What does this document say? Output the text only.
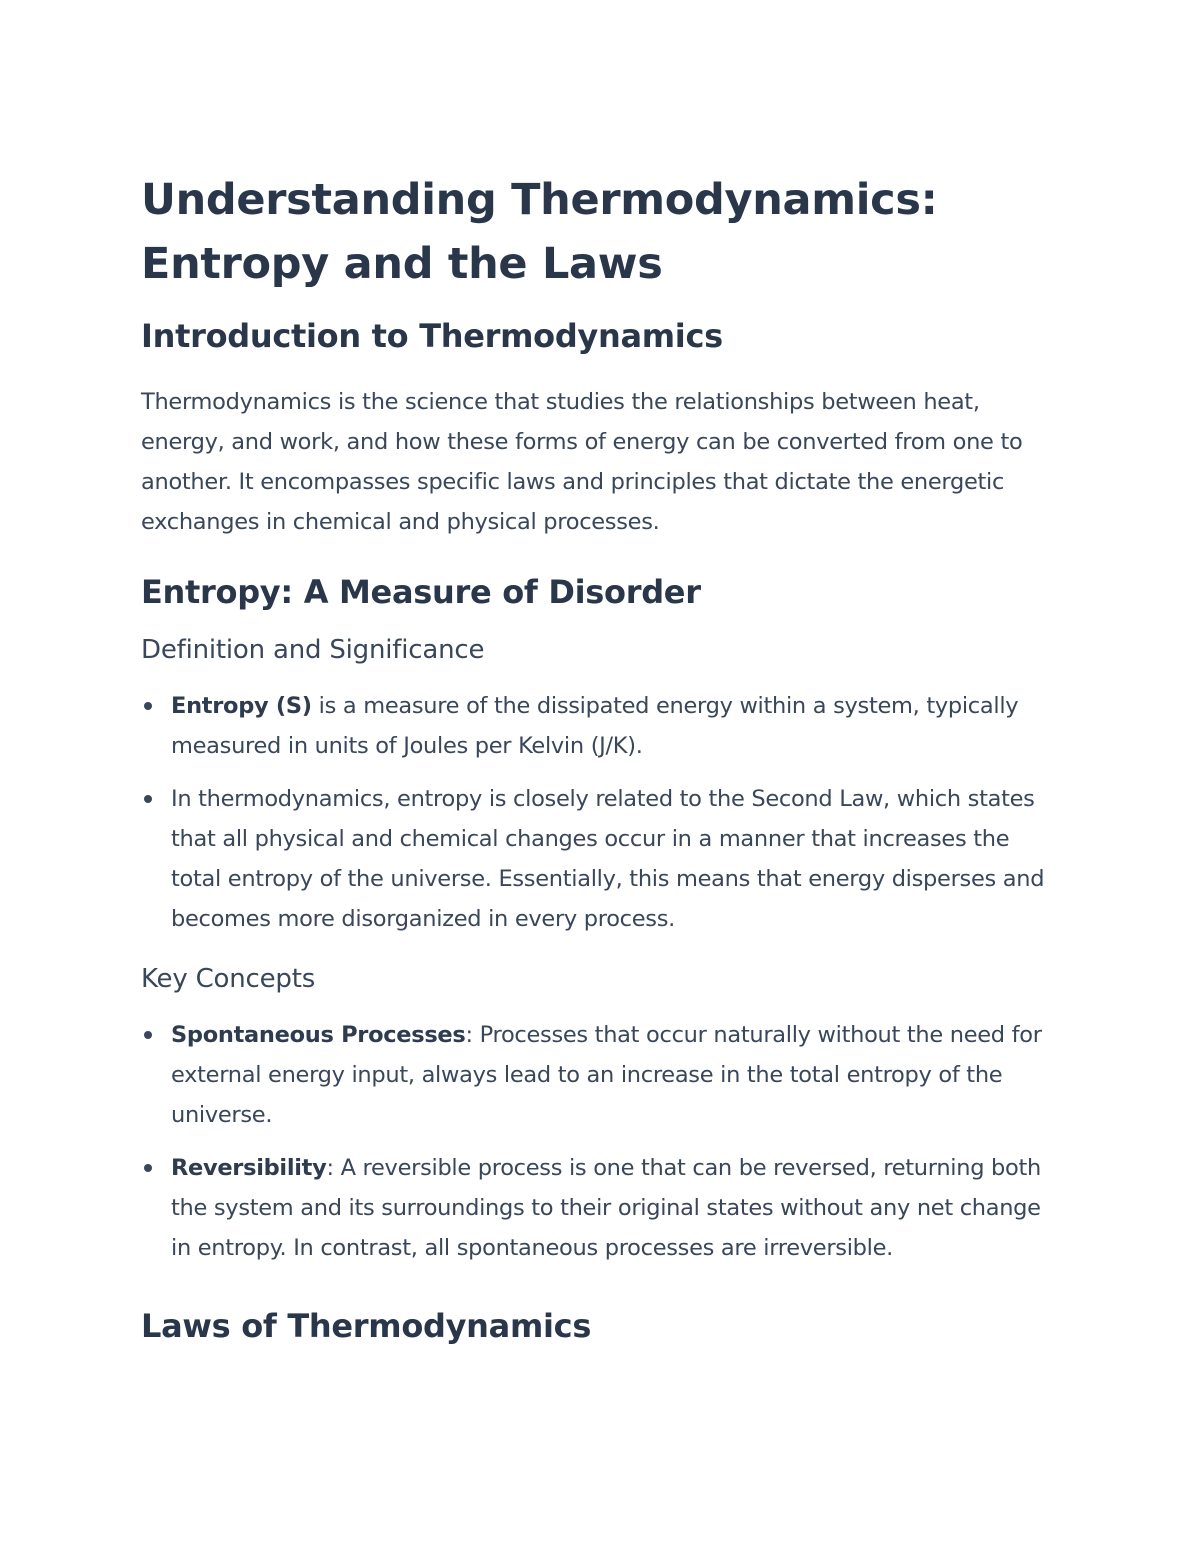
Understanding Thermodynamics:
Entropy and the Laws
Introduction to Thermodynamics

Thermodynamics is the science that studies the relationships between heat, energy, and work, and how these forms of energy can be converted from one to another. It encompasses specific laws and principles that dictate the energetic exchanges in chemical and physical processes.

Entropy: A Measure of Disorder
Definition and Significance
Entropy (S) is a measure of the dissipated energy within a system, typically measured in units of Joules per Kelvin (J/K).
In thermodynamics, entropy is closely related to the Second Law, which states that all physical and chemical changes occur in a manner that increases the total entropy of the universe. Essentially, this means that energy disperses and becomes more disorganized in every process.
Key Concepts
Spontaneous Processes: Processes that occur naturally without the need for external energy input, always lead to an increase in the total entropy of the universe.
Reversibility: A reversible process is one that can be reversed, returning both the system and its surroundings to their original states without any net change in entropy. In contrast, all spontaneous processes are irreversible.
Laws of Thermodynamics
